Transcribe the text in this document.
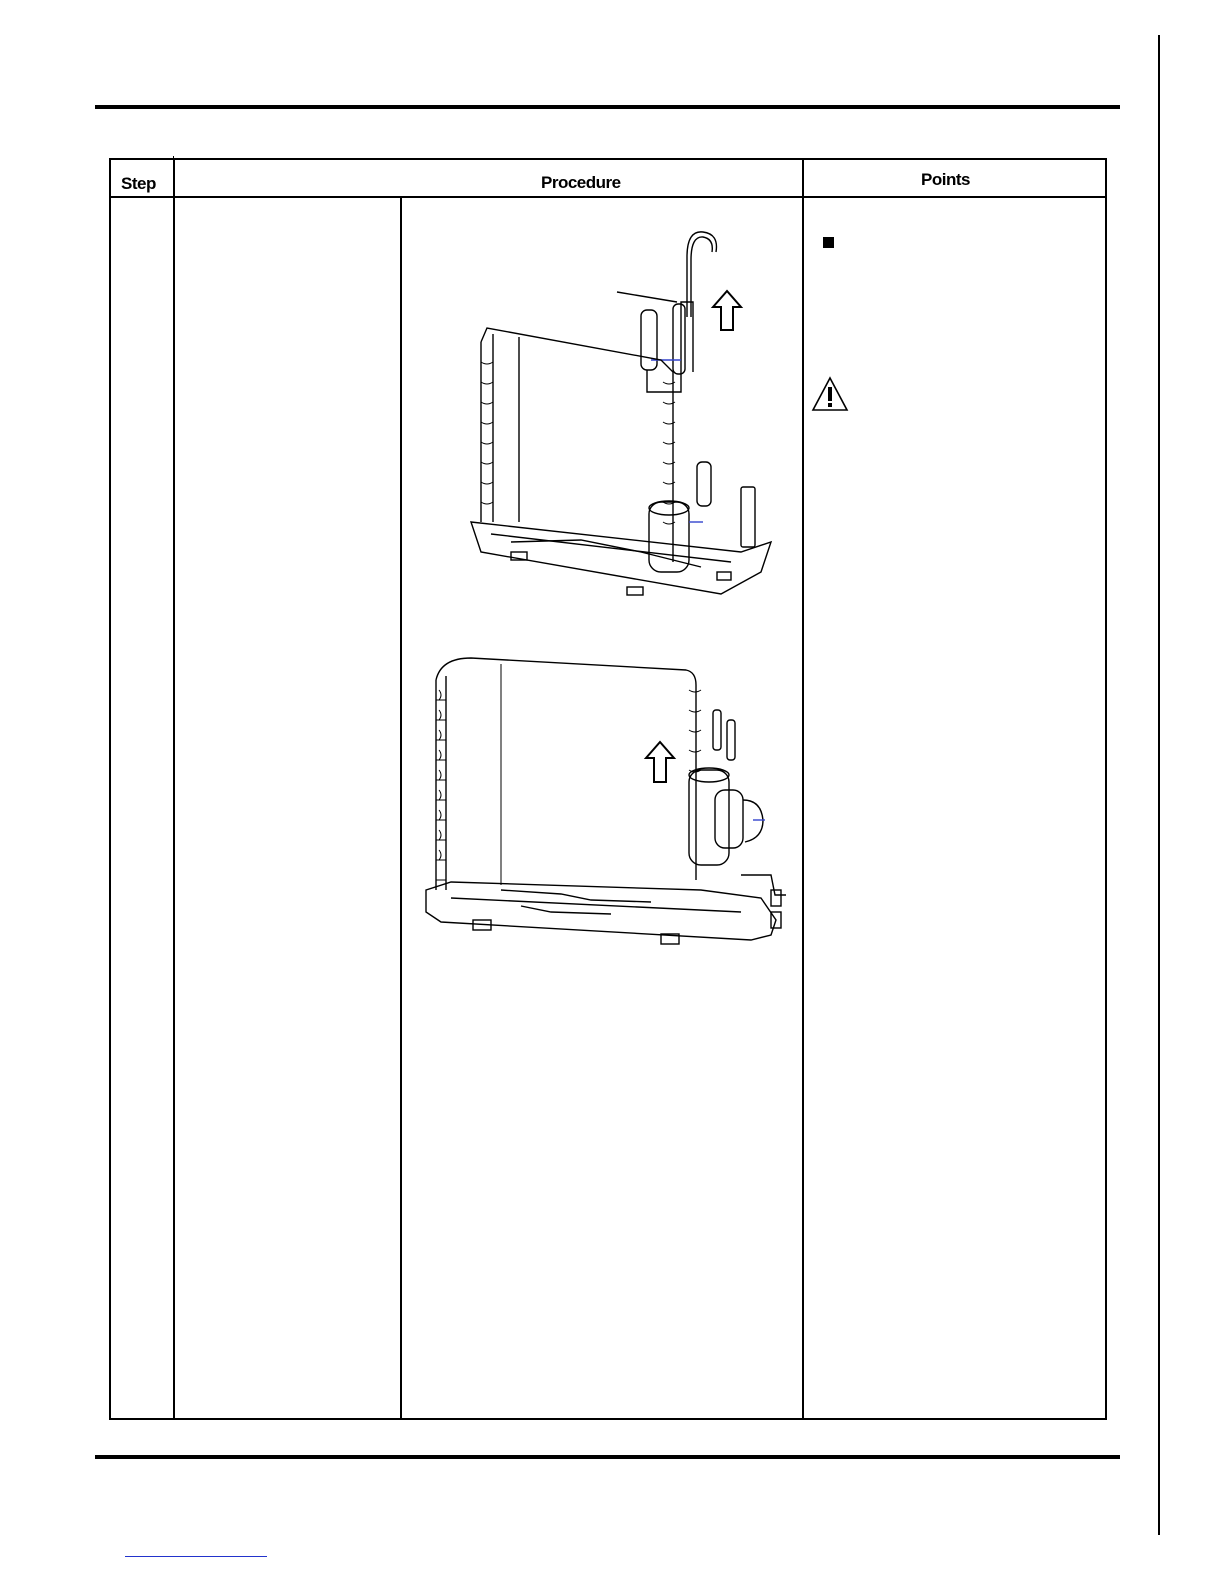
Step	Procedure	Points
